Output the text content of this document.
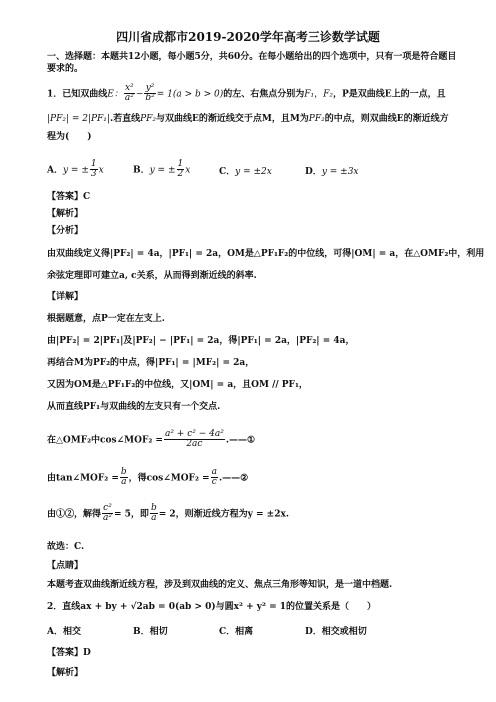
四川省成都市2019-2020学年高考三诊数学试题
一、选择题：本题共12小题，每小题5分，共60分。在每小题给出的四个选项中，只有一项是符合题目
要求的。
1．已知双曲线E： $\frac{\text{x²}}{\text{a²}} - \frac{\text{y²}}{\text{b²}} = 1(a > b > 0)$的左、右焦点分别为F₁，F₂，P是双曲线E上的一点，且
|PF₂| = 2|PF₁|.若直线PF₂与双曲线E的渐近线交于点M，且M为PF₂的中点，则双曲线E的渐近线方
程为(　　)
A．y = ± $\frac{1}{3}$ x	B．y = ± $\frac{1}{2}$ x	C．y = ±2x	D．y = ±3x
【答案】C
【解析】
【分析】
由双曲线定义得|PF₂| = 4a，|PF₁| = 2a，OM是△PF₁F₂的中位线，可得|OM| = a，在△OMF₂中，利用
余弦定理即可建立a, c关系，从而得到渐近线的斜率.
【详解】
根据题意，点P一定在左支上.
由|PF₂| = 2|PF₁|及|PF₂| − |PF₁| = 2a，得|PF₁| = 2a，|PF₂| = 4a，
再结合M为PF₂的中点，得|PF₁| = |MF₂| = 2a，
又因为OM是△PF₁F₂的中位线，又|OM| = a，且OM // PF₁，
从而直线PF₁与双曲线的左支只有一个交点.
在△OMF₂中cos∠MOF₂ = $\frac{\text{a² + c² − 4a²}}{2ac}$ .——①
由tan∠MOF₂ = $\frac{b}{a}$ ，得cos∠MOF₂ = $\frac{a}{c}$ .——②
由①②，解得 $\frac{\text{c²}}{\text{a²}} = 5$，即 $\frac{b}{a} = 2$，则渐近线方程为y = ±2x.
故选：C.
【点睛】
本题考查双曲线渐近线方程，涉及到双曲线的定义、焦点三角形等知识，是一道中档题.
2．直线ax + by + √2ab = 0(ab > 0)与圆x² + y² = 1的位置关系是（　　）
A．相交	B．相切	C．相离	D．相交或相切
【答案】D
【解析】
